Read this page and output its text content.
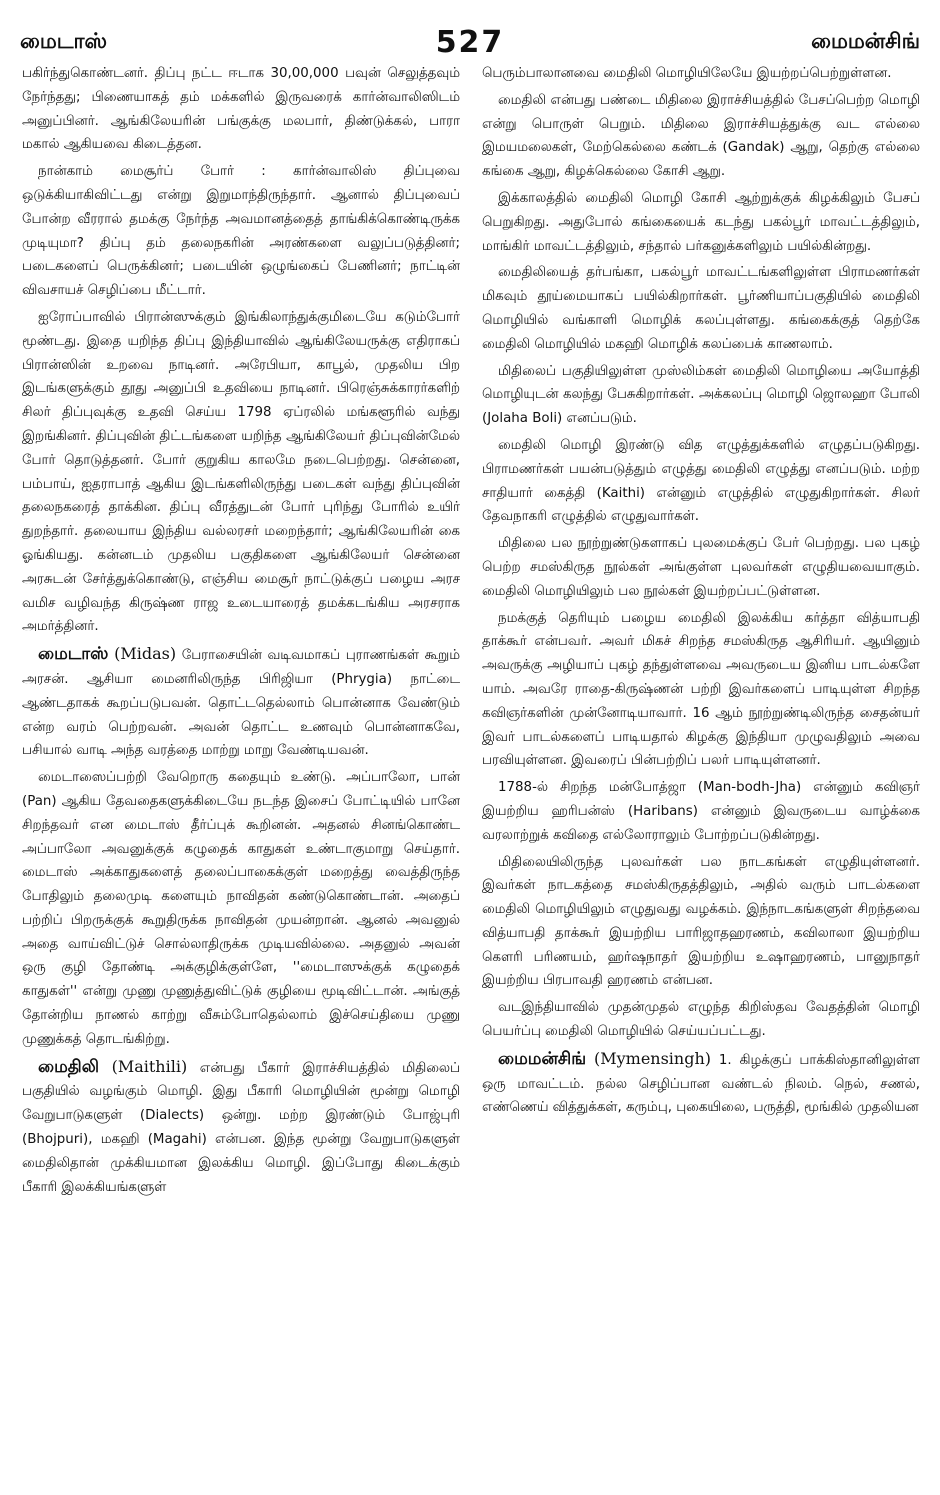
மைடாஸ்	527	மைமன்சிங்

பகிர்ந்துகொண்டனர். திப்பு நட்ட ஈடாக 30,00,000 பவுன் செலுத்தவும் நேர்ந்தது; பிணையாகத் தம் மக்களில் இருவரைக் கார்ன்வாலிஸிடம் அனுப்பினர். ஆங்கிலேயரின் பங்குக்கு மலபார், திண்டுக்கல், பாரா மகால் ஆகியவை கிடைத்தன.

நான்காம் மைசூர்ப் போர் : கார்ன்வாலிஸ் திப்புவை ஒடுக்கியாகிவிட்டது என்று இறுமாந்திருந்தார். ஆனால் திப்புவைப் போன்ற வீரரால் தமக்கு நேர்ந்த அவமானத்தைத் தாங்கிக்கொண்டிருக்க முடியுமா? திப்பு தம் தலைநகரின் அரண்களை வலுப்படுத்தினர்; படைகளைப் பெருக்கினர்; படையின் ஒழுங்கைப் பேணினர்; நாட்டின் விவசாயச் செழிப்பை மீட்டார்.

ஐரோப்பாவில் பிரான்ஸுக்கும் இங்கிலாந்துக்குமிடையே கடும்போர் மூண்டது. இதை யறிந்த திப்பு இந்தியாவில் ஆங்கிலேயருக்கு எதிராகப் பிரான்ஸின் உறவை நாடினர். அரேபியா, காபூல், முதலிய பிற இடங்களுக்கும் தூது அனுப்பி உதவியை நாடினர். பிரெஞ்சுக்காரர்களிற் சிலர் திப்புவுக்கு உதவி செய்ய 1798 ஏப்ரலில் மங்களூரில் வந்து இறங்கினர். திப்புவின் திட்டங்களை யறிந்த ஆங்கிலேயர் திப்புவின்மேல் போர் தொடுத்தனர். போர் குறுகிய காலமே நடைபெற்றது. சென்னை, பம்பாய், ஐதராபாத் ஆகிய இடங்களிலிருந்து படைகள் வந்து திப்புவின் தலைநகரைத் தாக்கின. திப்பு வீரத்துடன் போர் புரிந்து போரில் உயிர் துறந்தார். தலையாய இந்திய வல்லரசர் மறைந்தார்; ஆங்கிலேயரின் கை ஓங்கியது. கன்னடம் முதலிய பகுதிகளை ஆங்கிலேயர் சென்னை அரசுடன் சேர்த்துக்கொண்டு, எஞ்சிய மைசூர் நாட்டுக்குப் பழைய அரச வமிச வழிவந்த கிருஷ்ண ராஜ உடையாரைத் தமக்கடங்கிய அரசராக அமர்த்தினர்.

மைடாஸ் (Midas) பேராசையின் வடிவமாகப் புராணங்கள் கூறும் அரசன். ஆசியா மைனரிலிருந்த பிரிஜியா (Phrygia) நாட்டை ஆண்டதாகக் கூறப்படுபவன். தொட்டதெல்லாம் பொன்னாக வேண்டும் என்ற வரம் பெற்றவன். அவன் தொட்ட உணவும் பொன்னாகவே, பசியால் வாடி அந்த வரத்தை மாற்று மாறு வேண்டியவன்.

மைடாஸைப்பற்றி வேறொரு கதையும் உண்டு. அப்பாலோ, பான் (Pan) ஆகிய தேவதைகளுக்கிடையே நடந்த இசைப் போட்டியில் பானே சிறந்தவர் என மைடாஸ் தீர்ப்புக் கூறினன். அதனல் சினங்கொண்ட அப்பாலோ அவனுக்குக் கழுதைக் காதுகள் உண்டாகுமாறு செய்தார். மைடாஸ் அக்காதுகளைத் தலைப்பாகைக்குள் மறைத்து வைத்திருந்த போதிலும் தலைமுடி களையும் நாவிதன் கண்டுகொண்டான். அதைப் பற்றிப் பிறருக்குக் கூறுதிருக்க நாவிதன் முயன்றான். ஆனல் அவனுல் அதை வாய்விட்டுச் சொல்லாதிருக்க முடியவில்லை. அதனுல் அவன் ஒரு குழி தோண்டி அக்குழிக்குள்ளே, ''மைடாஸுக்குக் கழுதைக் காதுகள்'' என்று முணு முணுத்துவிட்டுக் குழியை மூடிவிட்டான். அங்குத் தோன்றிய நாணல் காற்று வீசும்போதெல்லாம் இச்செய்தியை முணு முணுக்கத் தொடங்கிற்று.

மைதிலி (Maithili) என்பது பீகார் இராச்சியத்தில் மிதிலைப் பகுதியில் வழங்கும் மொழி. இது பீகாரி மொழியின் மூன்று மொழி வேறுபாடுகளுள் (Dialects) ஒன்று. மற்ற இரண்டும் போஜ்புரி (Bhojpuri), மகஹி (Magahi) என்பன. இந்த மூன்று வேறுபாடுகளுள் மைதிலிதான் முக்கியமான இலக்கிய மொழி. இப்போது கிடைக்கும் பீகாரி இலக்கியங்களுள்

பெரும்பாலானவை மைதிலி மொழியிலேயே இயற்றப்பெற்றுள்ளன.

மைதிலி என்பது பண்டை மிதிலை இராச்சியத்தில் பேசப்பெற்ற மொழி என்று பொருள் பெறும். மிதிலை இராச்சியத்துக்கு வட எல்லை இமயமலைகள், மேற்கெல்லை கண்டக் (Gandak) ஆறு, தெற்கு எல்லை கங்கை ஆறு, கிழக்கெல்லை கோசி ஆறு.

இக்காலத்தில் மைதிலி மொழி கோசி ஆற்றுக்குக் கிழக்கிலும் பேசப் பெறுகிறது. அதுபோல் கங்கையைக் கடந்து பகல்பூர் மாவட்டத்திலும், மாங்கிர் மாவட்டத்திலும், சந்தால் பர்கனுக்களிலும் பயில்கின்றது.

மைதிலியைத் தர்பங்கா, பகல்பூர் மாவட்டங்களிலுள்ள பிராமணர்கள் மிகவும் தூய்மையாகப் பயில்கிறார்கள். பூர்ணியாப்பகுதியில் மைதிலி மொழியில் வங்காளி மொழிக் கலப்புள்ளது. கங்கைக்குத் தெற்கே மைதிலி மொழியில் மகஹி மொழிக் கலப்பைக் காணலாம்.

மிதிலைப் பகுதியிலுள்ள முஸ்லிம்கள் மைதிலி மொழியை அயோத்தி மொழியுடன் கலந்து பேசுகிறார்கள். அக்கலப்பு மொழி ஜொலஹா போலி (Jolaha Boli) எனப்படும்.

மைதிலி மொழி இரண்டு வித எழுத்துக்களில் எழுதப்படுகிறது. பிராமணர்கள் பயன்படுத்தும் எழுத்து மைதிலி எழுத்து எனப்படும். மற்ற சாதியார் கைத்தி (Kaithi) என்னும் எழுத்தில் எழுதுகிறார்கள். சிலர் தேவநாகரி எழுத்தில் எழுதுவார்கள்.

மிதிலை பல நூற்றுண்டுகளாகப் புலமைக்குப் பேர் பெற்றது. பல புகழ் பெற்ற சமஸ்கிருத நூல்கள் அங்குள்ள புலவர்கள் எழுதியவையாகும். மைதிலி மொழியிலும் பல நூல்கள் இயற்றப்பட்டுள்ளன.

நமக்குத் தெரியும் பழைய மைதிலி இலக்கிய கர்த்தா வித்யாபதி தாக்கூர் என்பவர். அவர் மிகச் சிறந்த சமஸ்கிருத ஆசிரியர். ஆயினும் அவருக்கு அழியாப் புகழ் தந்துள்ளவை அவருடைய இனிய பாடல்களே யாம். அவரே ராதை-கிருஷ்ணன் பற்றி இவர்களைப் பாடியுள்ள சிறந்த கவிஞர்களின் முன்னோடியாவார். 16 ஆம் நூற்றுண்டிலிருந்த சைதன்யர் இவர் பாடல்களைப் பாடியதால் கிழக்கு இந்தியா முழுவதிலும் அவை பரவியுள்ளன. இவரைப் பின்பற்றிப் பலர் பாடியுள்ளனர்.

1788-ல் சிறந்த மன்போத்ஜா (Man-bodh-Jha) என்னும் கவிஞர் இயற்றிய ஹரிபன்ஸ் (Haribans) என்னும் இவருடைய வாழ்க்கை வரலாற்றுக் கவிதை எல்லோராலும் போற்றப்படுகின்றது.

மிதிலையிலிருந்த புலவர்கள் பல நாடகங்கள் எழுதியுள்ளனர். இவர்கள் நாடகத்தை சமஸ்கிருதத்திலும், அதில் வரும் பாடல்களை மைதிலி மொழியிலும் எழுதுவது வழக்கம். இந்நாடகங்களுள் சிறந்தவை வித்யாபதி தாக்கூர் இயற்றிய பாரிஜாதஹரணம், கவிலாலா இயற்றிய கௌரி பரிணயம், ஹர்ஷநாதர் இயற்றிய உஷாஹரணம், பானுநாதர் இயற்றிய பிரபாவதி ஹரணம் என்பன.

வடஇந்தியாவில் முதன்முதல் எழுந்த கிறிஸ்தவ வேதத்தின் மொழி பெயர்ப்பு மைதிலி மொழியில் செய்யப்பட்டது.

மைமன்சிங் (Mymensingh) 1. கிழக்குப் பாக்கிஸ்தானிலுள்ள ஒரு மாவட்டம். நல்ல செழிப்பான வண்டல் நிலம். நெல், சணல், எண்ணெய் வித்துக்கள், கரும்பு, புகையிலை, பருத்தி, மூங்கில் முதலியன
